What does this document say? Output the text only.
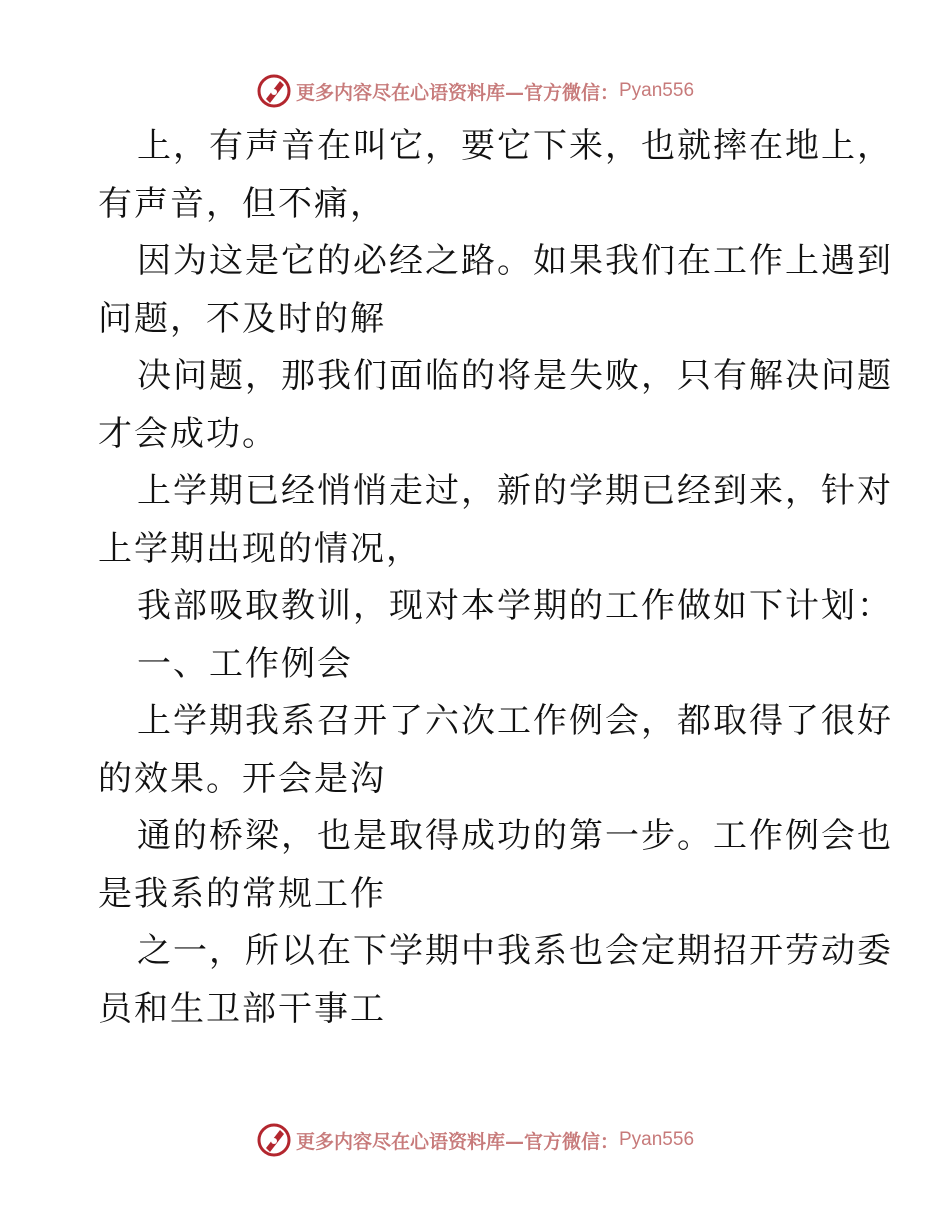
更多内容尽在心语资料库—官方微信： Pyan556
上，有声音在叫它，要它下来，也就摔在地上，
有声音，但不痛，
因为这是它的必经之路。如果我们在工作上遇到
问题，不及时的解
决问题，那我们面临的将是失败，只有解决问题
才会成功。
上学期已经悄悄走过，新的学期已经到来，针对
上学期出现的情况，
我部吸取教训，现对本学期的工作做如下计划：
一、工作例会
上学期我系召开了六次工作例会，都取得了很好
的效果。开会是沟
通的桥梁，也是取得成功的第一步。工作例会也
是我系的常规工作
之一，所以在下学期中我系也会定期招开劳动委
员和生卫部干事工
更多内容尽在心语资料库—官方微信： Pyan556
